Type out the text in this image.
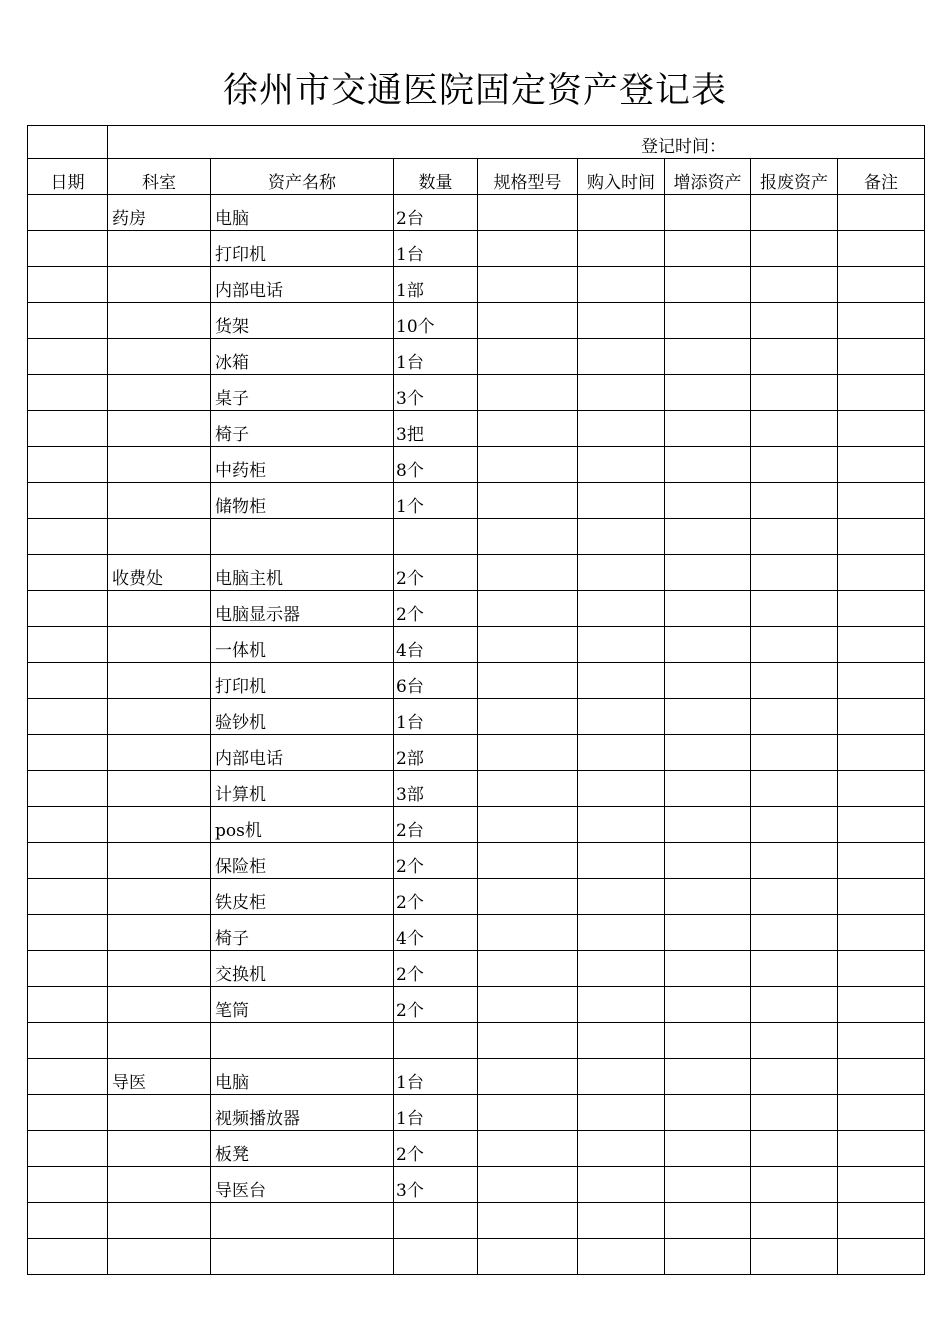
徐州市交通医院固定资产登记表
	登记时间：							
日期	科室	资产名称	数量	规格型号	购入时间	增添资产	报废资产	备注
	药房	电脑	2台					
		打印机	1台					
		内部电话	1部					
		货架	10个					
		冰箱	1台					
		桌子	3个					
		椅子	3把					
		中药柜	8个					
		储物柜	1个					

	收费处	电脑主机	2个					
		电脑显示器	2个					
		一体机	4台					
		打印机	6台					
		验钞机	1台					
		内部电话	2部					
		计算机	3部					
		pos机	2台					
		保险柜	2个					
		铁皮柜	2个					
		椅子	4个					
		交换机	2个					
		笔筒	2个					

	导医	电脑	1台					
		视频播放器	1台					
		板凳	2个					
		导医台	3个					
